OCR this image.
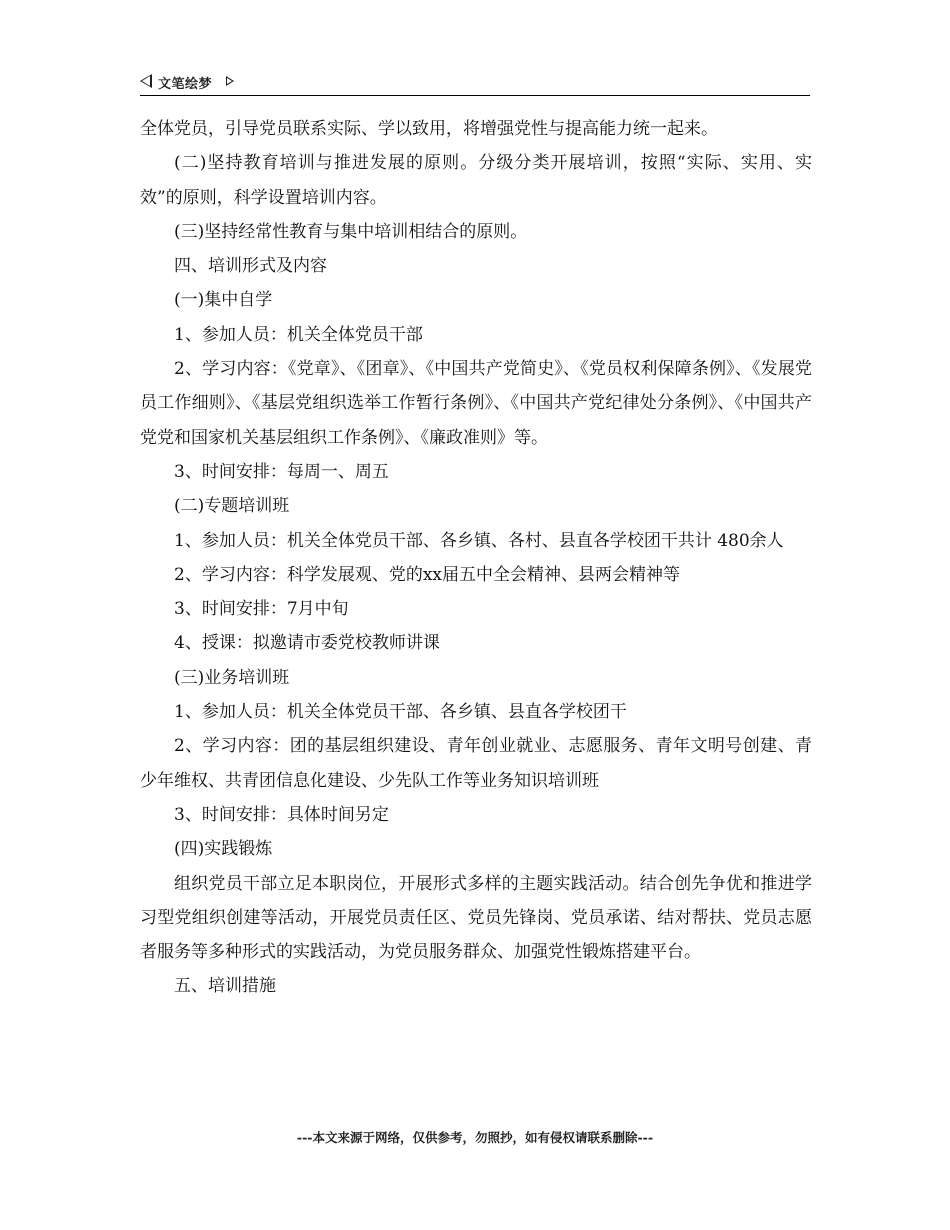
文笔绘梦

全体党员，引导党员联系实际、学以致用，将增强党性与提高能力统一起来。

(二)坚持教育培训与推进发展的原则。分级分类开展培训，按照“实际、实用、实效”的原则，科学设置培训内容。

(三)坚持经常性教育与集中培训相结合的原则。

四、培训形式及内容

(一)集中自学

1、参加人员：机关全体党员干部

2、学习内容：《党章》、《团章》、《中国共产党简史》、《党员权利保障条例》、《发展党员工作细则》、《基层党组织选举工作暂行条例》、《中国共产党纪律处分条例》、《中国共产党党和国家机关基层组织工作条例》、《廉政准则》等。

3、时间安排：每周一、周五

(二)专题培训班

1、参加人员：机关全体党员干部、各乡镇、各村、县直各学校团干共计 480余人

2、学习内容：科学发展观、党的xx届五中全会精神、县两会精神等

3、时间安排：7月中旬

4、授课：拟邀请市委党校教师讲课

(三)业务培训班

1、参加人员：机关全体党员干部、各乡镇、县直各学校团干

2、学习内容：团的基层组织建设、青年创业就业、志愿服务、青年文明号创建、青少年维权、共青团信息化建设、少先队工作等业务知识培训班

3、时间安排：具体时间另定

(四)实践锻炼

组织党员干部立足本职岗位，开展形式多样的主题实践活动。结合创先争优和推进学习型党组织创建等活动，开展党员责任区、党员先锋岗、党员承诺、结对帮扶、党员志愿者服务等多种形式的实践活动，为党员服务群众、加强党性锻炼搭建平台。

五、培训措施

---本文来源于网络，仅供参考，勿照抄，如有侵权请联系删除---
